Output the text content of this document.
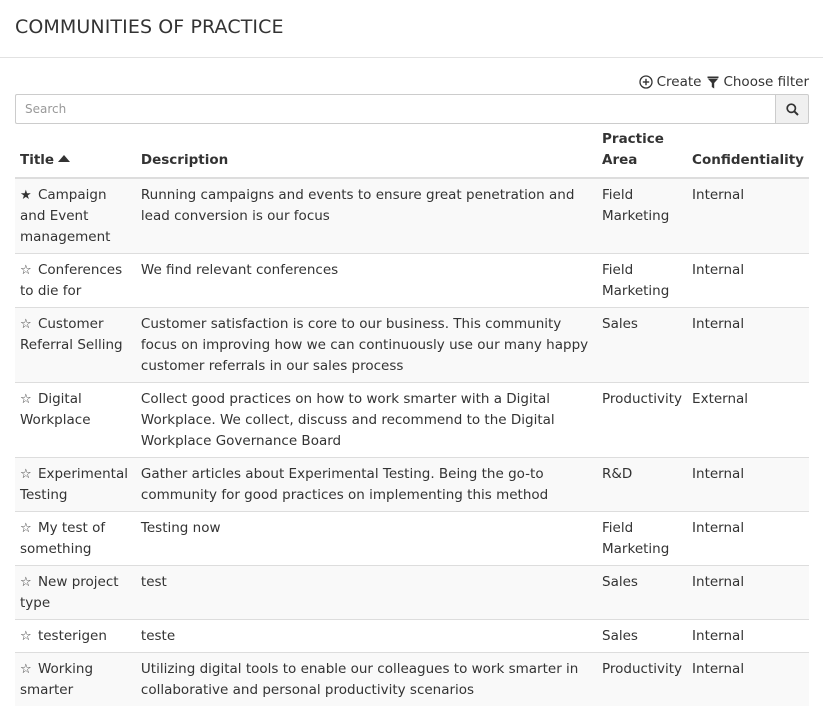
COMMUNITIES OF PRACTICE
Create Choose filter
Search
Title	Description	Practice Area	Confidentiality
★ Campaign and Event management	Running campaigns and events to ensure great penetration and lead conversion is our focus	Field Marketing	Internal
☆ Conferences to die for	We find relevant conferences	Field Marketing	Internal
☆ Customer Referral Selling	Customer satisfaction is core to our business. This community focus on improving how we can continuously use our many happy customer referrals in our sales process	Sales	Internal
☆ Digital Workplace	Collect good practices on how to work smarter with a Digital Workplace. We collect, discuss and recommend to the Digital Workplace Governance Board	Productivity	External
☆ Experimental Testing	Gather articles about Experimental Testing. Being the go-to community for good practices on implementing this method	R&D	Internal
☆ My test of something	Testing now	Field Marketing	Internal
☆ New project type	test	Sales	Internal
☆ testerigen	teste	Sales	Internal
☆ Working smarter	Utilizing digital tools to enable our colleagues to work smarter in collaborative and personal productivity scenarios	Productivity	Internal
